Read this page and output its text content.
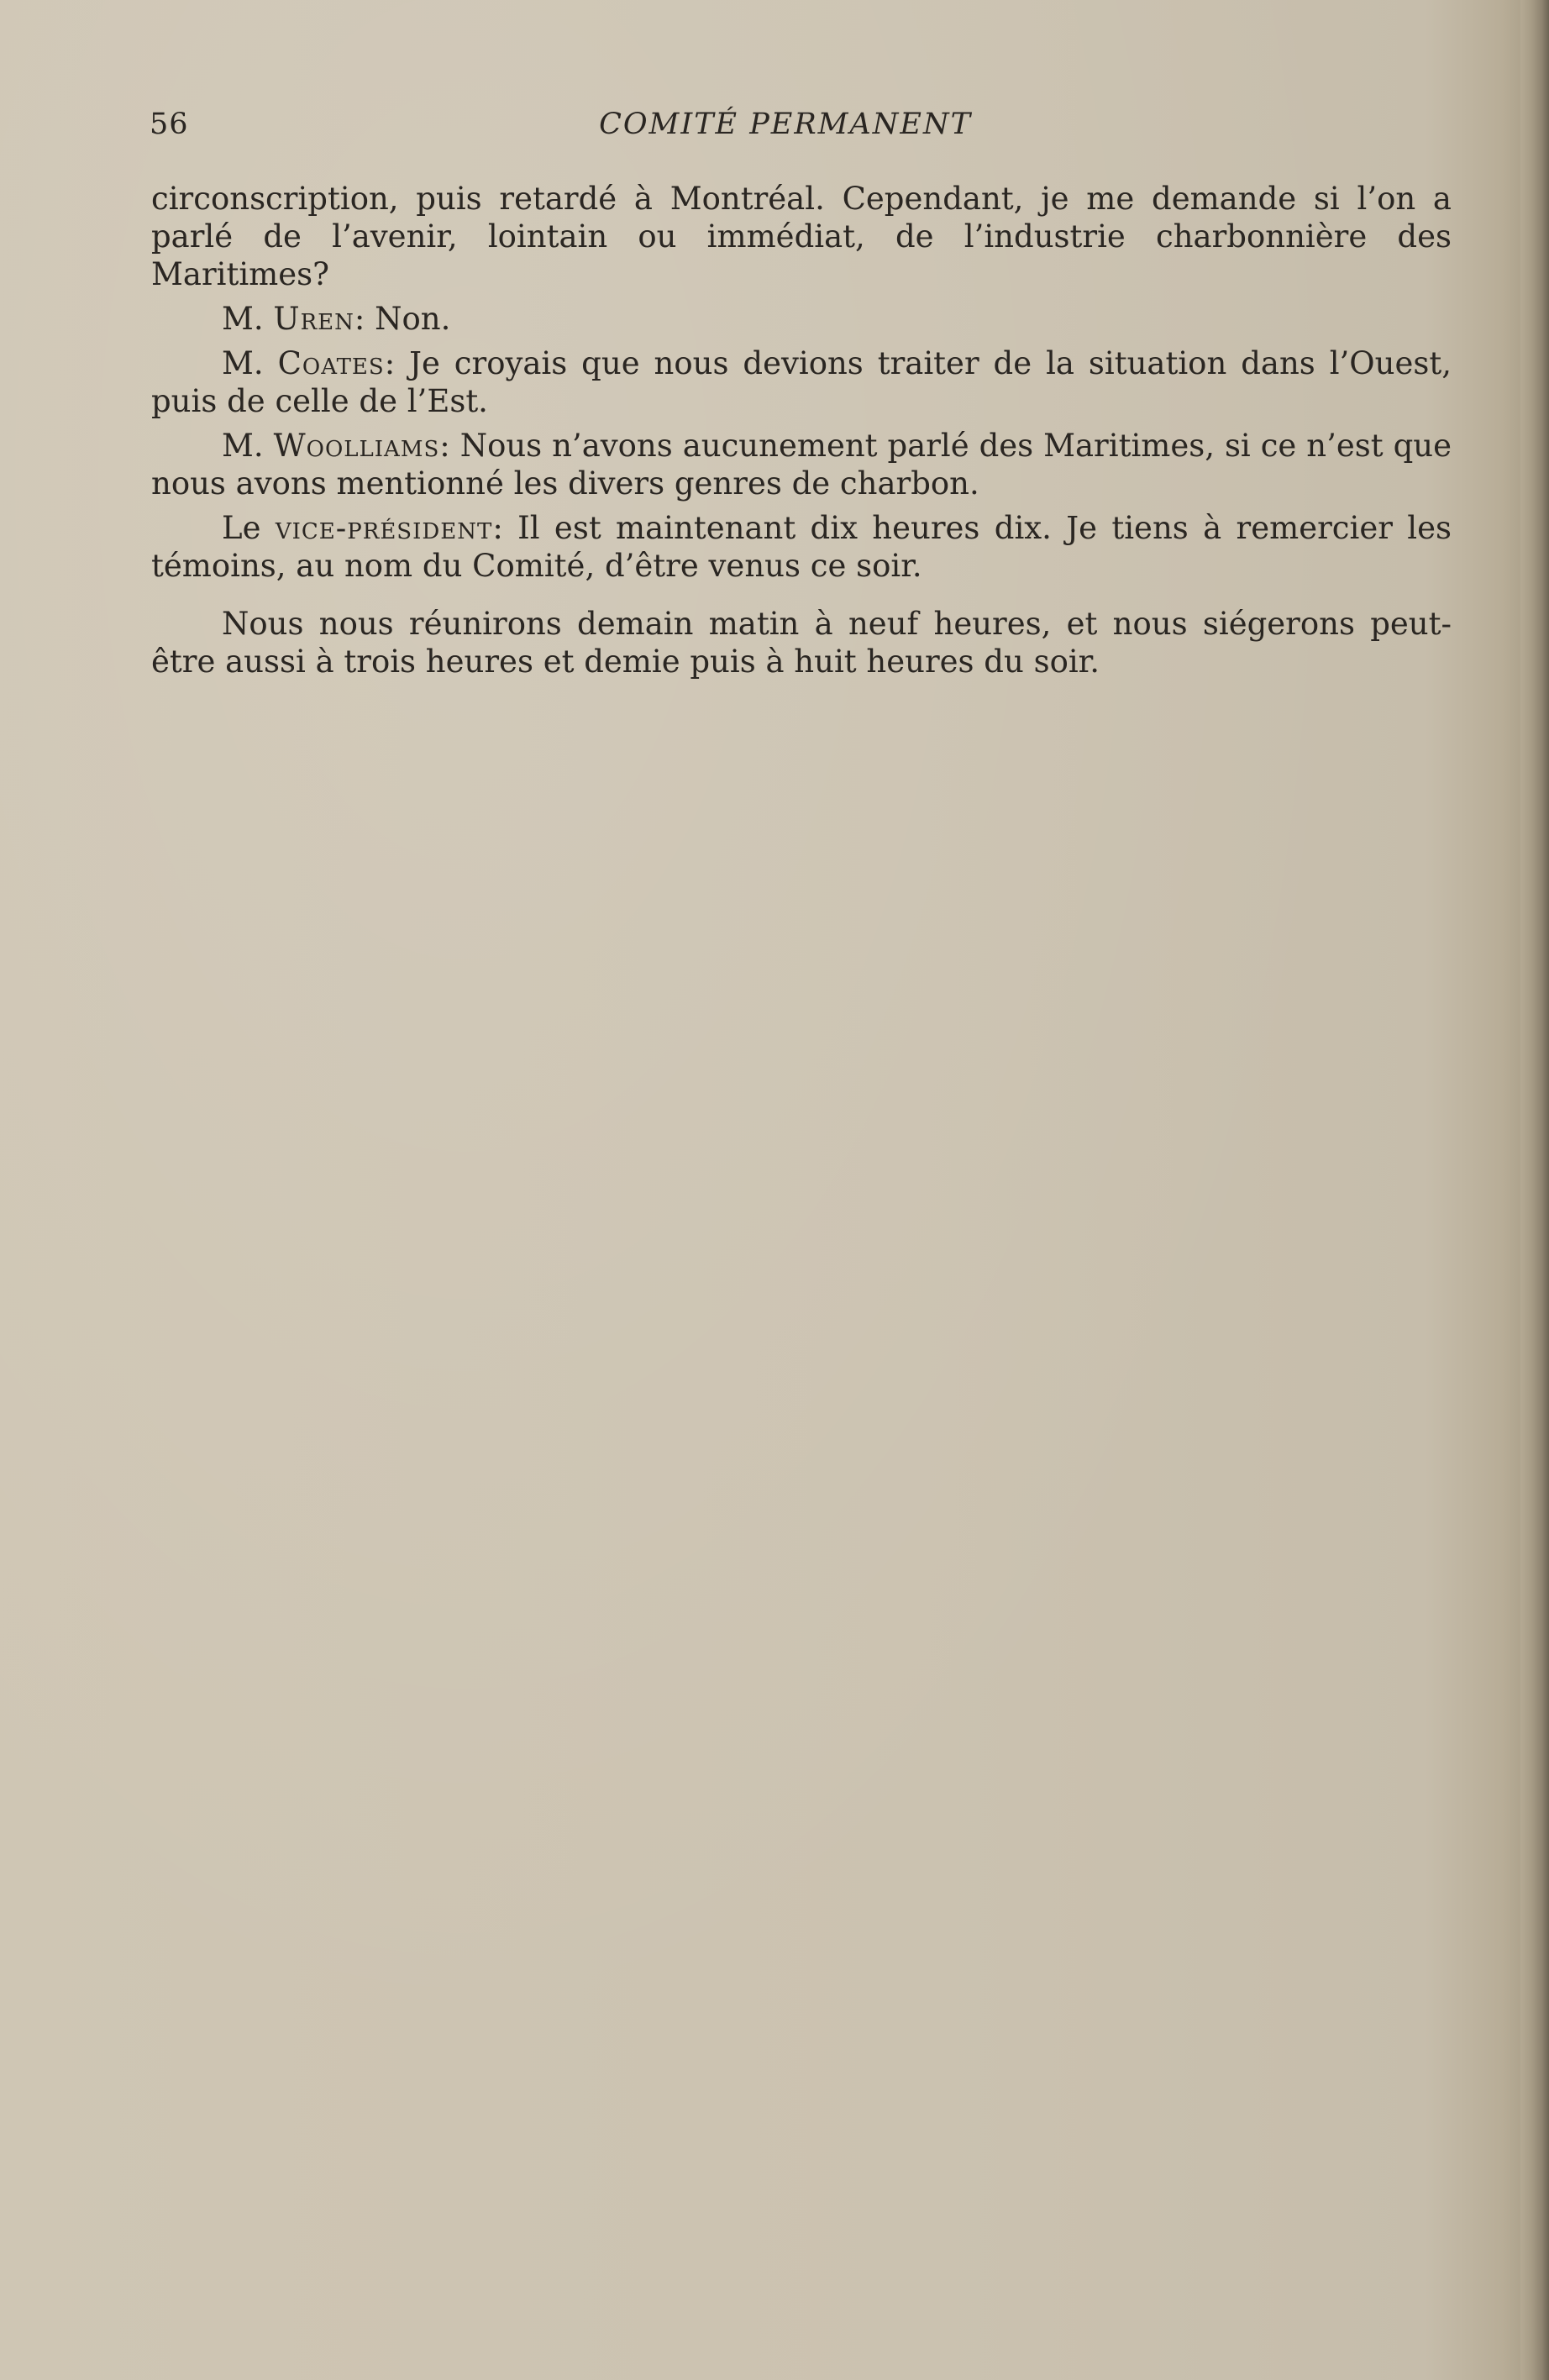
56	COMITÉ PERMANENT

circonscription, puis retardé à Montréal. Cependant, je me demande si l’on a parlé de l’avenir, lointain ou immédiat, de l’industrie charbonnière des Maritimes?

M. Uren: Non.

M. Coates: Je croyais que nous devions traiter de la situation dans l’Ouest, puis de celle de l’Est.

M. Woolliams: Nous n’avons aucunement parlé des Maritimes, si ce n’est que nous avons mentionné les divers genres de charbon.

Le vice-président: Il est maintenant dix heures dix. Je tiens à remercier les témoins, au nom du Comité, d’être venus ce soir.

Nous nous réunirons demain matin à neuf heures, et nous siégerons peut-être aussi à trois heures et demie puis à huit heures du soir.
